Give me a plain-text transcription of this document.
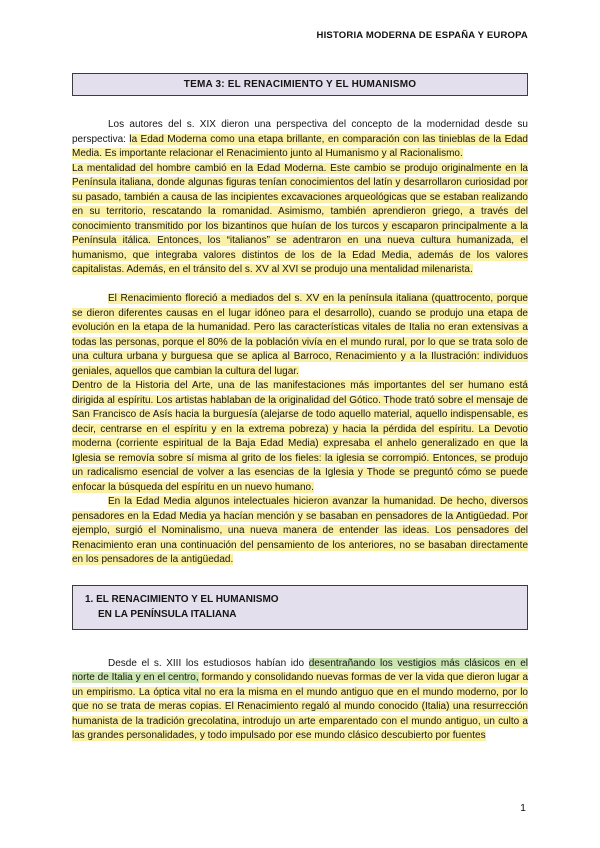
HISTORIA MODERNA DE ESPAÑA Y EUROPA
TEMA 3: EL RENACIMIENTO Y EL HUMANISMO

Los autores del s. XIX dieron una perspectiva del concepto de la modernidad desde su perspectiva: la Edad Moderna como una etapa brillante, en comparación con las tinieblas de la Edad Media. Es importante relacionar el Renacimiento junto al Humanismo y al Racionalismo.

La mentalidad del hombre cambió en la Edad Moderna. Este cambio se produjo originalmente en la Península italiana, donde algunas figuras tenían conocimientos del latín y desarrollaron curiosidad por su pasado, también a causa de las incipientes excavaciones arqueológicas que se estaban realizando en su territorio, rescatando la romanidad. Asimismo, también aprendieron griego, a través del conocimiento transmitido por los bizantinos que huían de los turcos y escaparon principalmente a la Península itálica. Entonces, los “italianos” se adentraron en una nueva cultura humanizada, el humanismo, que integraba valores distintos de los de la Edad Media, además de los valores capitalistas. Además, en el tránsito del s. XV al XVI se produjo una mentalidad milenarista.

El Renacimiento floreció a mediados del s. XV en la península italiana (quattrocento, porque se dieron diferentes causas en el lugar idóneo para el desarrollo), cuando se produjo una etapa de evolución en la etapa de la humanidad. Pero las características vitales de Italia no eran extensivas a todas las personas, porque el 80% de la población vivía en el mundo rural, por lo que se trata solo de una cultura urbana y burguesa que se aplica al Barroco, Renacimiento y a la Ilustración: individuos geniales, aquellos que cambian la cultura del lugar.

Dentro de la Historia del Arte, una de las manifestaciones más importantes del ser humano está dirigida al espíritu. Los artistas hablaban de la originalidad del Gótico. Thode trató sobre el mensaje de San Francisco de Asís hacia la burguesía (alejarse de todo aquello material, aquello indispensable, es decir, centrarse en el espíritu y en la extrema pobreza) y hacia la pérdida del espíritu. La Devotio moderna (corriente espiritual de la Baja Edad Media) expresaba el anhelo generalizado en que la Iglesia se removía sobre sí misma al grito de los fieles: la iglesia se corrompió. Entonces, se produjo un radicalismo esencial de volver a las esencias de la Iglesia y Thode se preguntó cómo se puede enfocar la búsqueda del espíritu en un nuevo humano.

En la Edad Media algunos intelectuales hicieron avanzar la humanidad. De hecho, diversos pensadores en la Edad Media ya hacían mención y se basaban en pensadores de la Antigüedad. Por ejemplo, surgió el Nominalismo, una nueva manera de entender las ideas. Los pensadores del Renacimiento eran una continuación del pensamiento de los anteriores, no se basaban directamente en los pensadores de la antigüedad.

1. EL RENACIMIENTO Y EL HUMANISMO
EN LA PENÍNSULA ITALIANA

Desde el s. XIII los estudiosos habían ido desentrañando los vestigios más clásicos en el norte de Italia y en el centro, formando y consolidando nuevas formas de ver la vida que dieron lugar a un empirismo. La óptica vital no era la misma en el mundo antiguo que en el mundo moderno, por lo que no se trata de meras copias. El Renacimiento regaló al mundo conocido (Italia) una resurrección humanista de la tradición grecolatina, introdujo un arte emparentado con el mundo antiguo, un culto a las grandes personalidades, y todo impulsado por ese mundo clásico descubierto por fuentes

1
